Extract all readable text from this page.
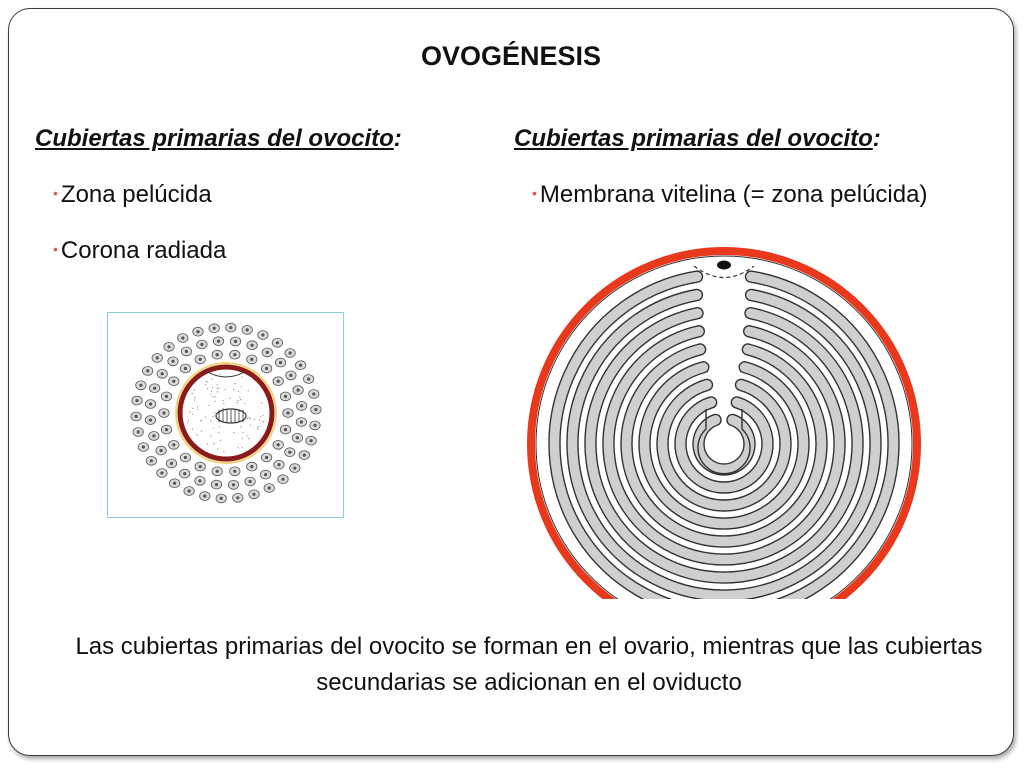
OVOGÉNESIS
Cubiertas primarias del ovocito:	Cubiertas primarias del ovocito:

• Zona pelúcida

• Corona radiada

• Membrana vitelina (= zona pelúcida)

Las cubiertas primarias del ovocito se forman en el ovario, mientras que las cubiertas secundarias se adicionan en el oviducto
